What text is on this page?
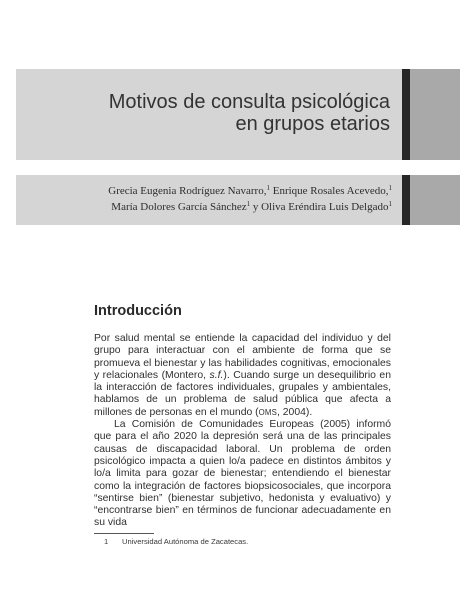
Motivos de consulta psicológica
en grupos etarios
Grecia Eugenia Rodríguez Navarro,$^1$ Enrique Rosales Acevedo,$^1$
María Dolores García Sánchez$^1$ y Oliva Eréndira Luis Delgado$^1$
Introducción

Por salud mental se entiende la capacidad del individuo y del grupo para interactuar con el ambiente de forma que se promueva el bienestar y las habilidades cognitivas, emocionales y relacionales (Montero, s.f.). Cuando surge un desequilibrio en la interacción de factores individuales, grupales y ambientales, hablamos de un problema de salud pública que afecta a millones de personas en el mundo (OMS, 2004).

La Comisión de Comunidades Europeas (2005) informó que para el año 2020 la depresión será una de las principales causas de discapacidad laboral. Un problema de orden psicológico impacta a quien lo/a padece en distintos ámbitos y lo/a limita para gozar de bienestar; entendiendo el bienestar como la integración de factores biopsicosociales, que incorpora “sentirse bien” (bienestar subjetivo, hedonista y evaluativo) y “encontrarse bien” en términos de funcionar adecuadamente en su vida

1 Universidad Autónoma de Zacatecas.
